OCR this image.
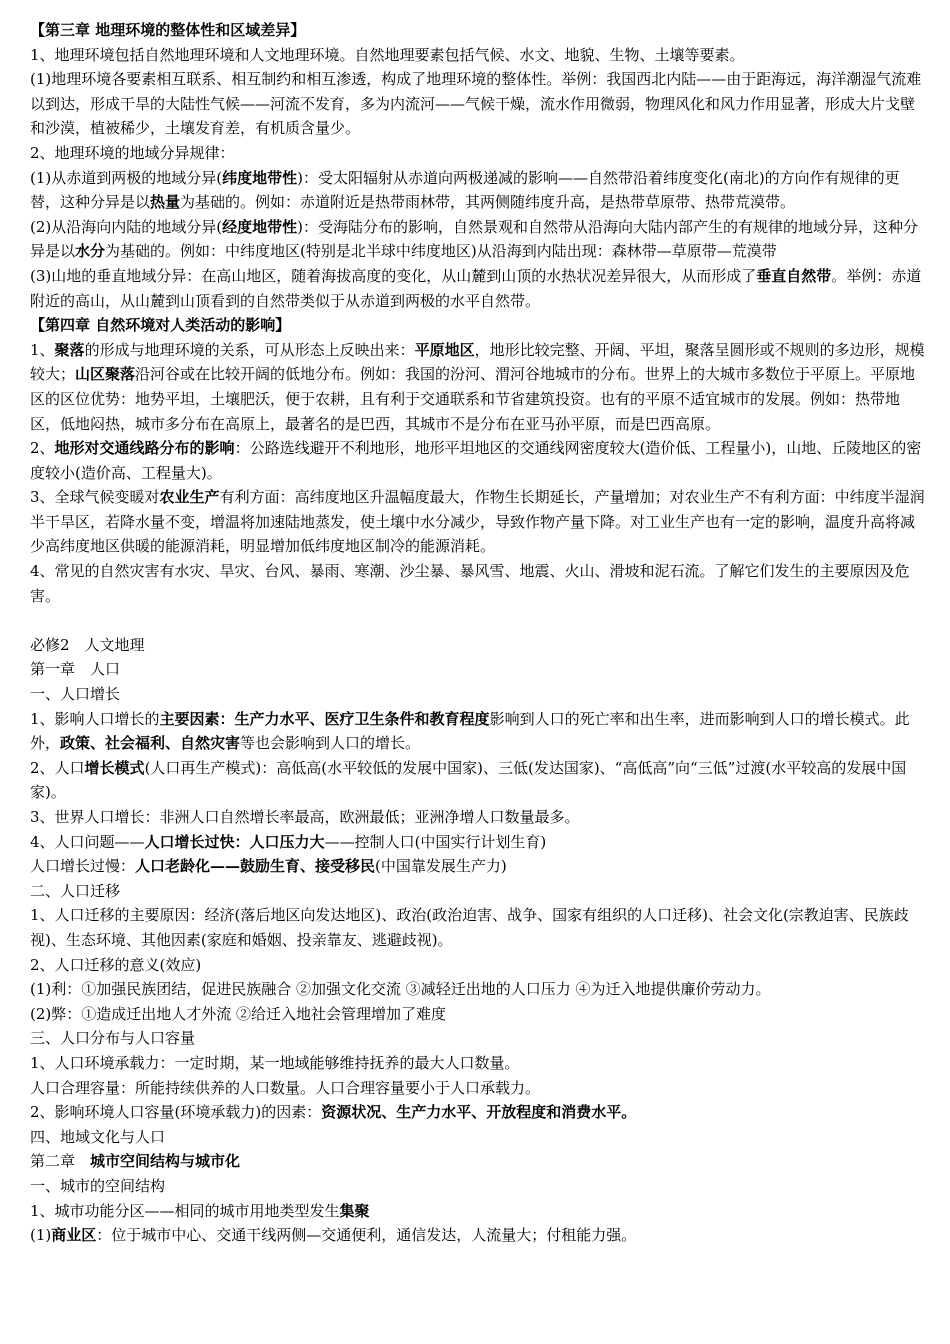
【第三章 地理环境的整体性和区域差异】

1、地理环境包括自然地理环境和人文地理环境。自然地理要素包括气候、水文、地貌、生物、土壤等要素。

(1)地理环境各要素相互联系、相互制约和相互渗透，构成了地理环境的整体性。举例：我国西北内陆——由于距海远，海洋潮湿气流难以到达，形成干旱的大陆性气候——河流不发育，多为内流河——气候干燥，流水作用微弱，物理风化和风力作用显著，形成大片戈壁和沙漠，植被稀少，土壤发育差，有机质含量少。

2、地理环境的地域分异规律：

(1)从赤道到两极的地域分异(纬度地带性)：受太阳辐射从赤道向两极递减的影响——自然带沿着纬度变化(南北)的方向作有规律的更替，这种分异是以热量为基础的。例如：赤道附近是热带雨林带，其两侧随纬度升高，是热带草原带、热带荒漠带。

(2)从沿海向内陆的地域分异(经度地带性)：受海陆分布的影响，自然景观和自然带从沿海向大陆内部产生的有规律的地域分异，这种分异是以水分为基础的。例如：中纬度地区(特别是北半球中纬度地区)从沿海到内陆出现：森林带—草原带—荒漠带

(3)山地的垂直地域分异：在高山地区，随着海拔高度的变化，从山麓到山顶的水热状况差异很大，从而形成了垂直自然带。举例：赤道附近的高山，从山麓到山顶看到的自然带类似于从赤道到两极的水平自然带。

【第四章 自然环境对人类活动的影响】

1、聚落的形成与地理环境的关系，可从形态上反映出来：平原地区，地形比较完整、开阔、平坦，聚落呈圆形或不规则的多边形，规模较大；山区聚落沿河谷或在比较开阔的低地分布。例如：我国的汾河、渭河谷地城市的分布。世界上的大城市多数位于平原上。平原地区的区位优势：地势平坦，土壤肥沃，便于农耕，且有利于交通联系和节省建筑投资。也有的平原不适宜城市的发展。例如：热带地区，低地闷热，城市多分布在高原上，最著名的是巴西，其城市不是分布在亚马孙平原，而是巴西高原。

2、地形对交通线路分布的影响：公路选线避开不利地形，地形平坦地区的交通线网密度较大(造价低、工程量小)，山地、丘陵地区的密度较小(造价高、工程量大)。

3、全球气候变暖对农业生产有利方面：高纬度地区升温幅度最大，作物生长期延长，产量增加；对农业生产不有利方面：中纬度半湿润半干旱区，若降水量不变，增温将加速陆地蒸发，使土壤中水分减少，导致作物产量下降。对工业生产也有一定的影响，温度升高将减少高纬度地区供暖的能源消耗，明显增加低纬度地区制冷的能源消耗。

4、常见的自然灾害有水灾、旱灾、台风、暴雨、寒潮、沙尘暴、暴风雪、地震、火山、滑坡和泥石流。了解它们发生的主要原因及危害。

必修2　人文地理

第一章　人口

一、人口增长

1、影响人口增长的主要因素：生产力水平、医疗卫生条件和教育程度影响到人口的死亡率和出生率，进而影响到人口的增长模式。此外，政策、社会福利、自然灾害等也会影响到人口的增长。

2、人口增长模式(人口再生产模式)：高低高(水平较低的发展中国家)、三低(发达国家)、“高低高”向“三低”过渡(水平较高的发展中国家)。

3、世界人口增长：非洲人口自然增长率最高，欧洲最低；亚洲净增人口数量最多。

4、人口问题——人口增长过快：人口压力大——控制人口(中国实行计划生育)

人口增长过慢：人口老龄化——鼓励生育、接受移民(中国靠发展生产力)

二、人口迁移

1、人口迁移的主要原因：经济(落后地区向发达地区)、政治(政治迫害、战争、国家有组织的人口迁移)、社会文化(宗教迫害、民族歧视)、生态环境、其他因素(家庭和婚姻、投亲靠友、逃避歧视)。

2、人口迁移的意义(效应)

(1)利：①加强民族团结，促进民族融合 ②加强文化交流 ③减轻迁出地的人口压力 ④为迁入地提供廉价劳动力。

(2)弊：①造成迁出地人才外流 ②给迁入地社会管理增加了难度

三、人口分布与人口容量

1、人口环境承载力：一定时期，某一地域能够维持抚养的最大人口数量。

人口合理容量：所能持续供养的人口数量。人口合理容量要小于人口承载力。

2、影响环境人口容量(环境承载力)的因素：资源状况、生产力水平、开放程度和消费水平。

四、地域文化与人口

第二章　城市空间结构与城市化

一、城市的空间结构

1、城市功能分区——相同的城市用地类型发生集聚

(1)商业区：位于城市中心、交通干线两侧—交通便利，通信发达，人流量大；付租能力强。
